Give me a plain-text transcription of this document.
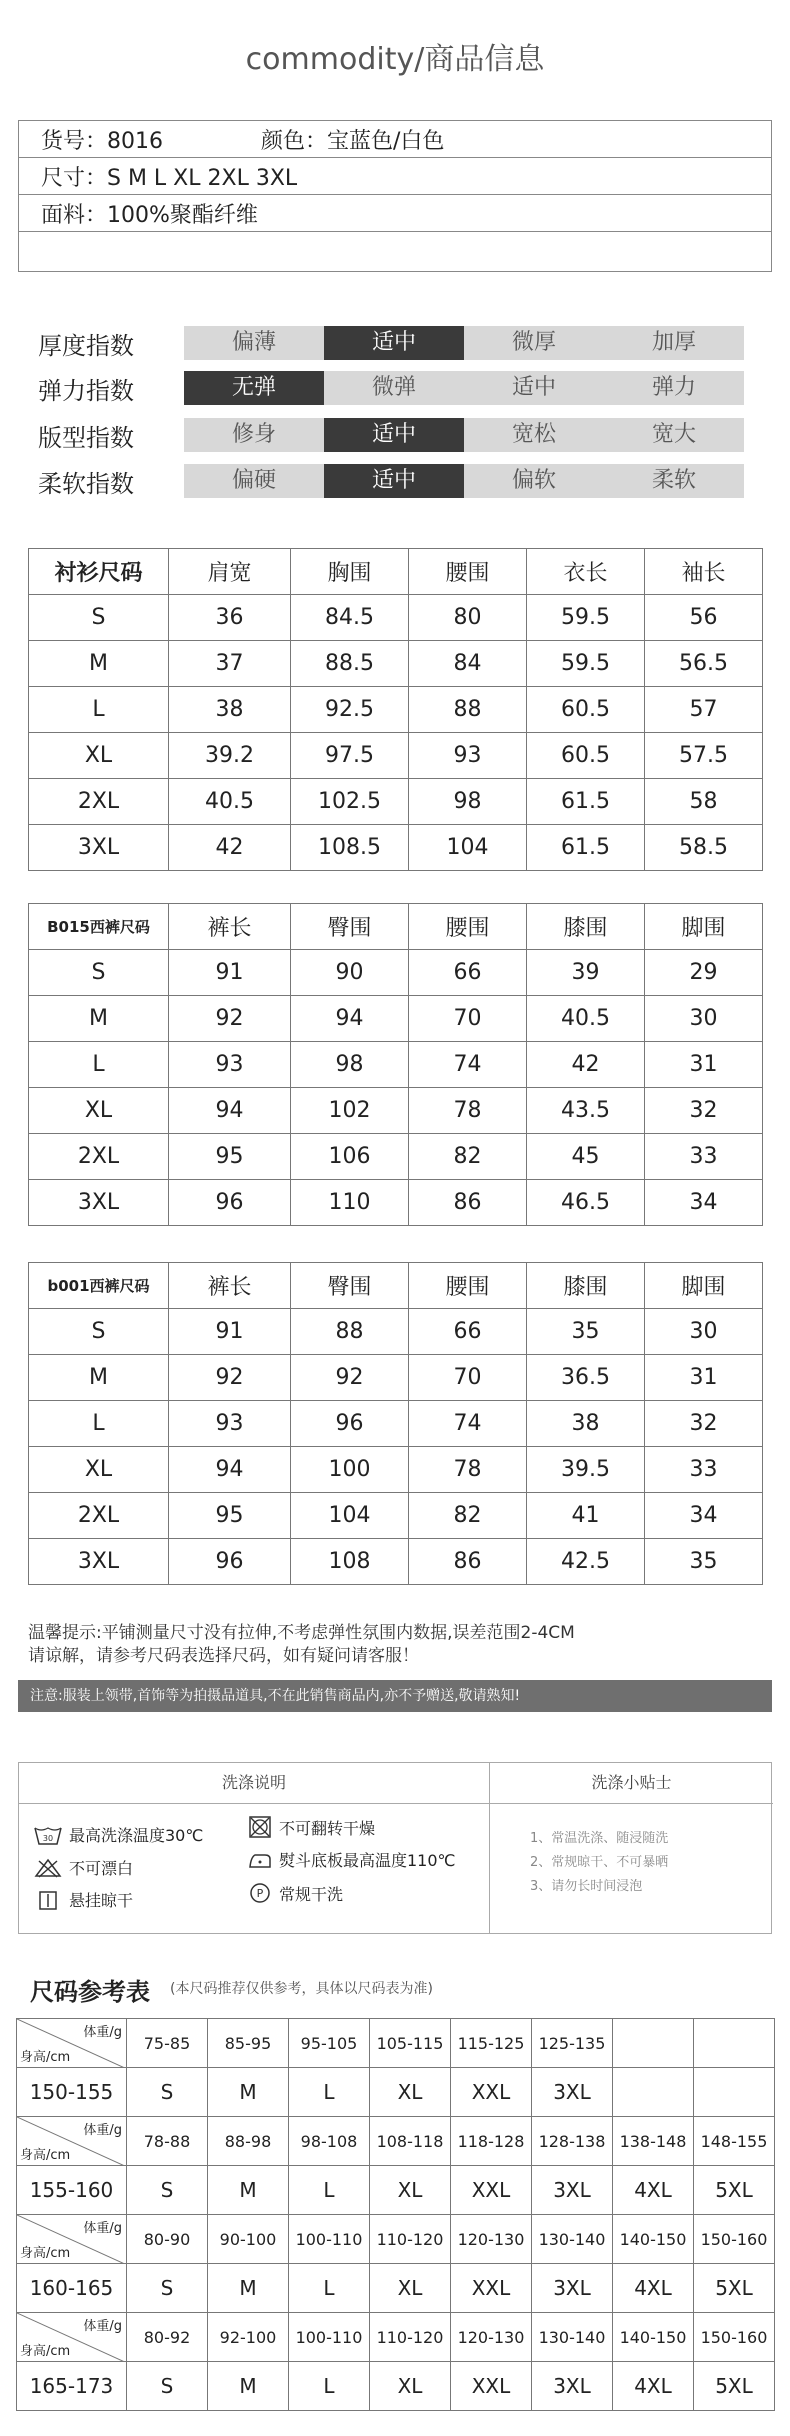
commodity/商品信息
货号：8016	颜色：宝蓝色/白色
尺寸：S M L XL 2XL 3XL
面料：100%聚酯纤维
厚度指数	偏薄	适中	微厚	加厚
弹力指数	无弹	微弹	适中	弹力
版型指数	修身	适中	宽松	宽大
柔软指数	偏硬	适中	偏软	柔软
衬衫尺码	肩宽	胸围	腰围	衣长	袖长
S	36	84.5	80	59.5	56
M	37	88.5	84	59.5	56.5
L	38	92.5	88	60.5	57
XL	39.2	97.5	93	60.5	57.5
2XL	40.5	102.5	98	61.5	58
3XL	42	108.5	104	61.5	58.5
B015西裤尺码	裤长	臀围	腰围	膝围	脚围
S	91	90	66	39	29
M	92	94	70	40.5	30
L	93	98	74	42	31
XL	94	102	78	43.5	32
2XL	95	106	82	45	33
3XL	96	110	86	46.5	34
b001西裤尺码	裤长	臀围	腰围	膝围	脚围
S	91	88	66	35	30
M	92	92	70	36.5	31
L	93	96	74	38	32
XL	94	100	78	39.5	33
2XL	95	104	82	41	34
3XL	96	108	86	42.5	35
温馨提示:平铺测量尺寸没有拉伸,不考虑弹性氛围内数据,误差范围2-4CM
请谅解，请参考尺码表选择尺码，如有疑问请客服！
注意:服装上领带,首饰等为拍摄品道具,不在此销售商品内,亦不予赠送,敬请熟知!
洗涤说明	洗涤小贴士
30 最高洗涤温度30℃
不可漂白
悬挂晾干
不可翻转干燥
熨斗底板最高温度110℃
P 常规干洗
1、常温洗涤、随浸随洗
2、常规晾干、不可暴晒
3、请勿长时间浸泡
尺码参考表 (本尺码推荐仅供参考，具体以尺码表为准)
体重/g
身高/cm	75-85	85-95	95-105	105-115	115-125	125-135		
150-155	S	M	L	XL	XXL	3XL		

体重/g
身高/cm	78-88	88-98	98-108	108-118	118-128	128-138	138-148	148-155
155-160	S	M	L	XL	XXL	3XL	4XL	5XL

体重/g
身高/cm	80-90	90-100	100-110	110-120	120-130	130-140	140-150	150-160
160-165	S	M	L	XL	XXL	3XL	4XL	5XL

体重/g
身高/cm	80-92	92-100	100-110	110-120	120-130	130-140	140-150	150-160
165-173	S	M	L	XL	XXL	3XL	4XL	5XL
